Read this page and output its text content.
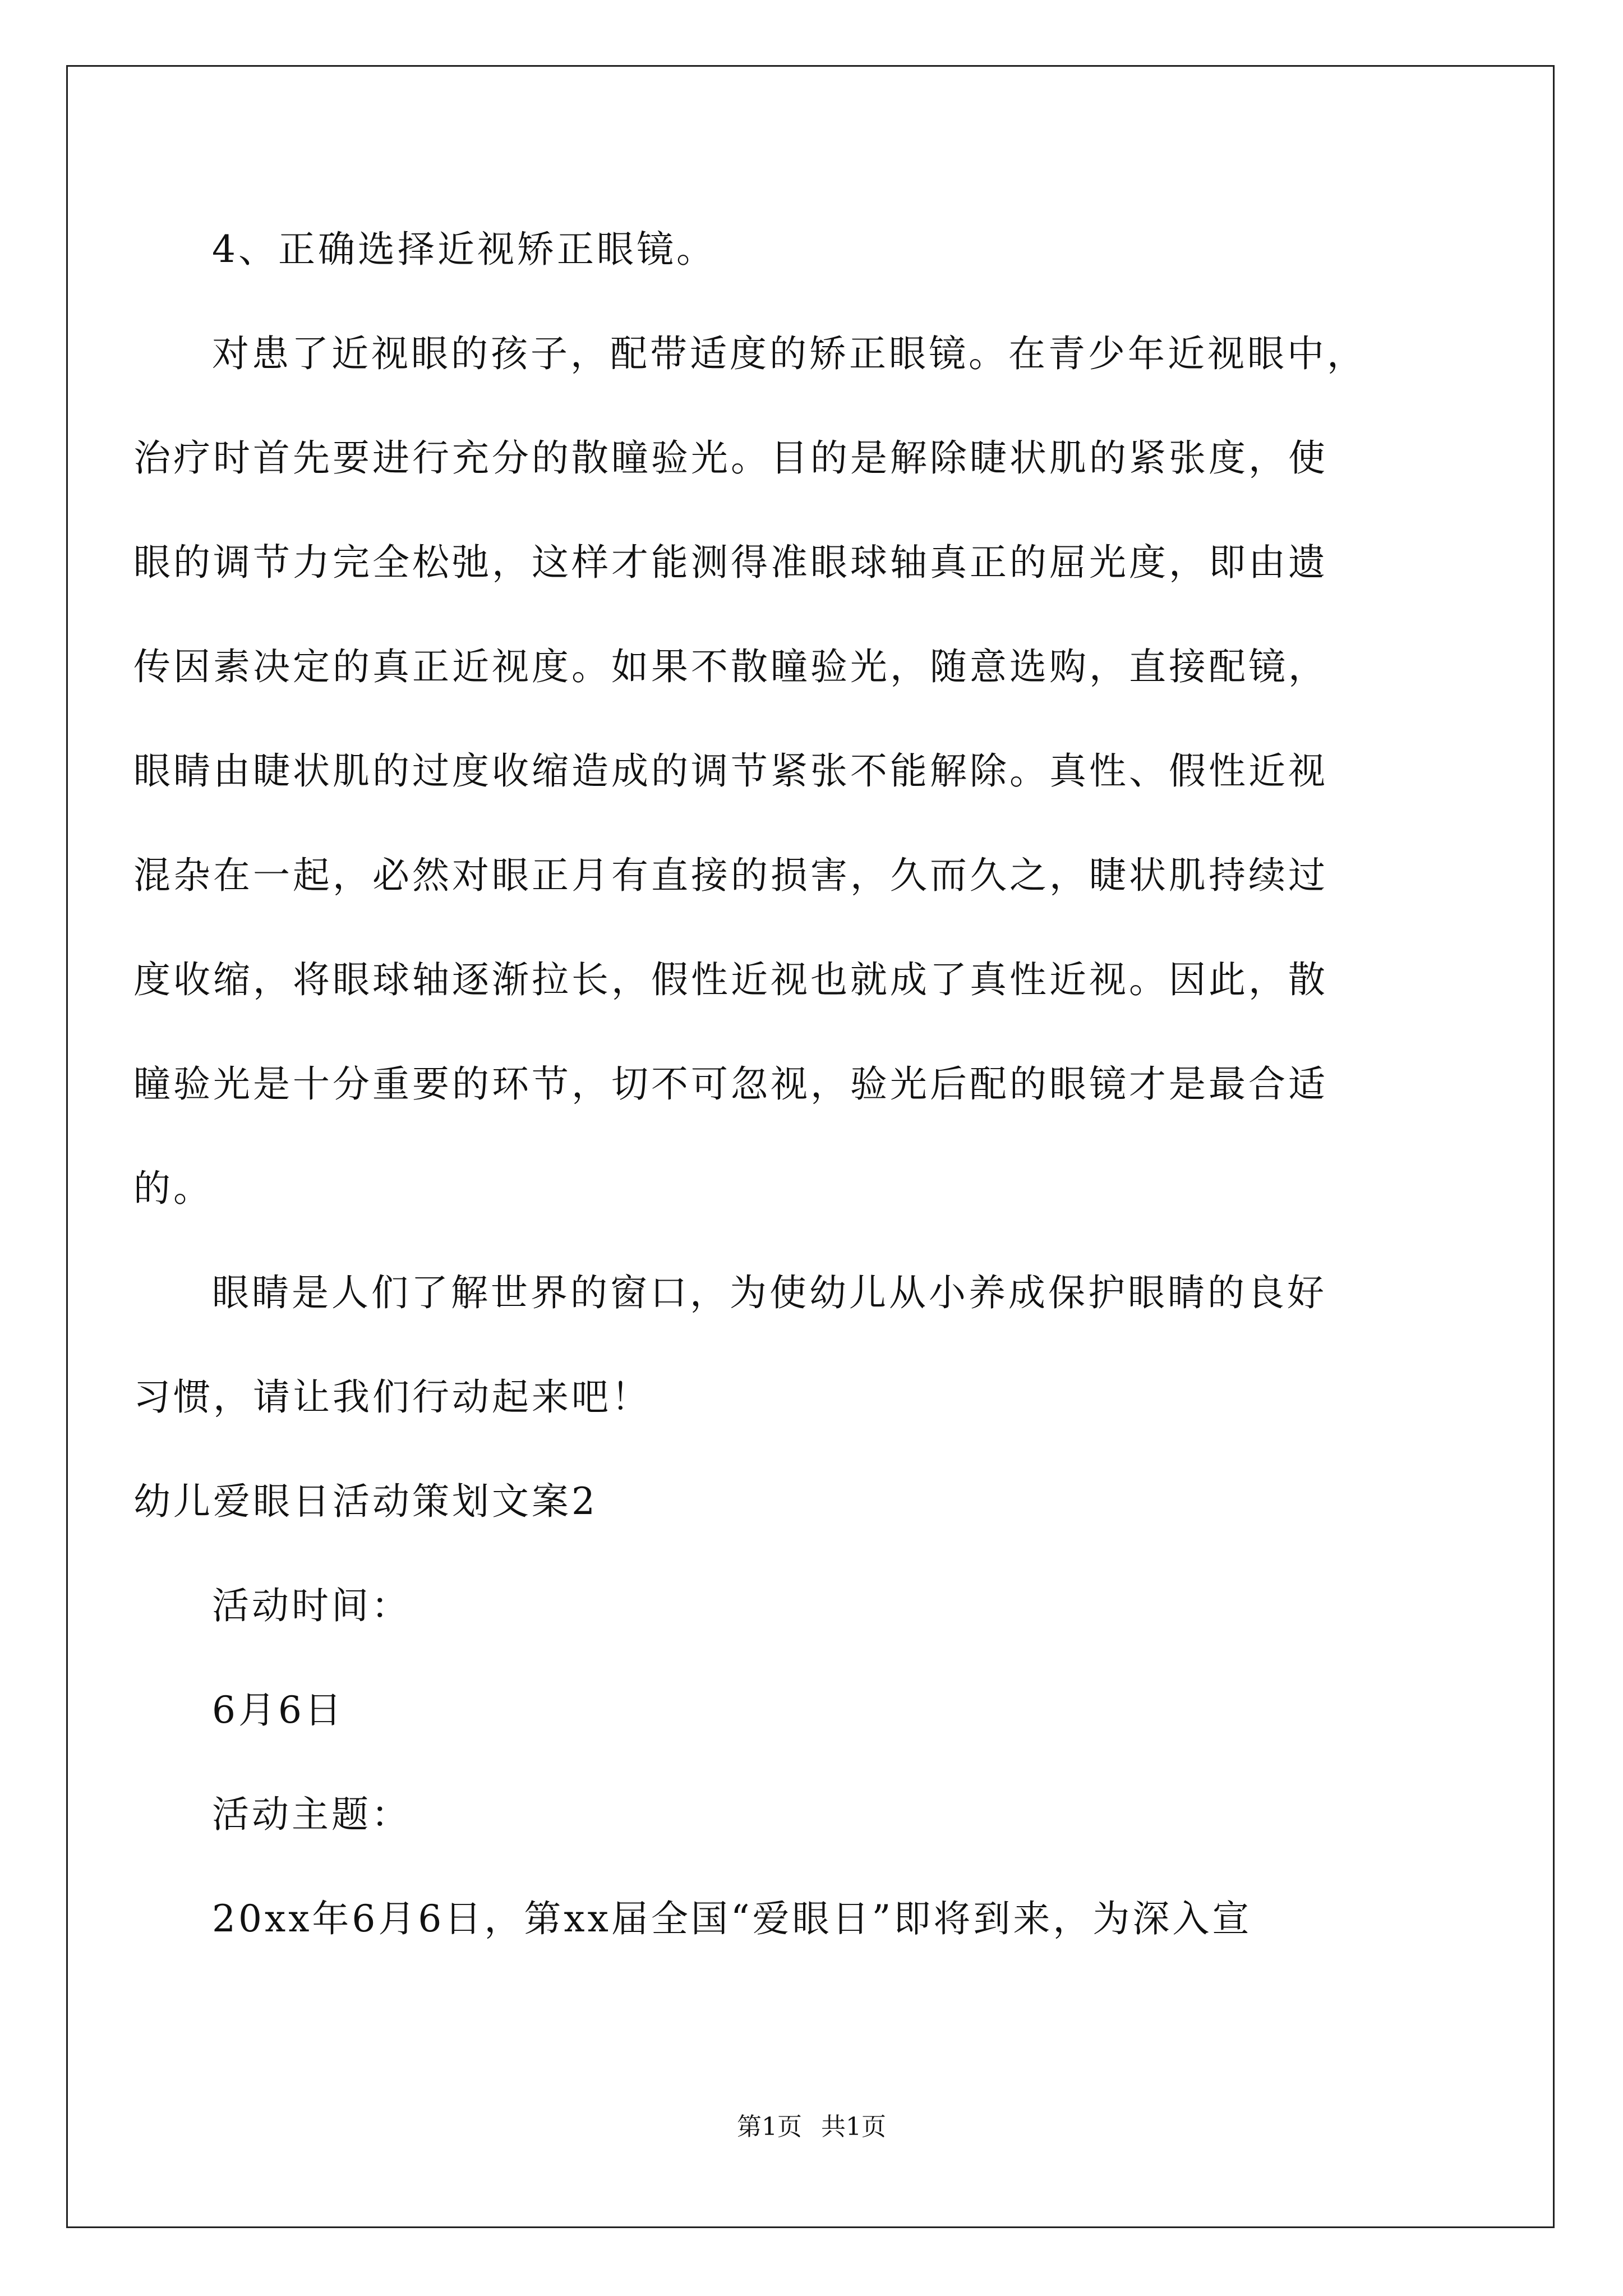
4、正确选择近视矫正眼镜。
对患了近视眼的孩子，配带适度的矫正眼镜。在青少年近视眼中，
治疗时首先要进行充分的散瞳验光。目的是解除睫状肌的紧张度，使
眼的调节力完全松弛，这样才能测得准眼球轴真正的屈光度，即由遗
传因素决定的真正近视度。如果不散瞳验光，随意选购，直接配镜，
眼睛由睫状肌的过度收缩造成的调节紧张不能解除。真性、假性近视
混杂在一起，必然对眼正月有直接的损害，久而久之，睫状肌持续过
度收缩，将眼球轴逐渐拉长，假性近视也就成了真性近视。因此，散
瞳验光是十分重要的环节，切不可忽视，验光后配的眼镜才是最合适
的。
眼睛是人们了解世界的窗口，为使幼儿从小养成保护眼睛的良好
习惯，请让我们行动起来吧！
幼儿爱眼日活动策划文案2
活动时间：
6月6日
活动主题：
20xx年6月6日，第xx届全国“爱眼日”即将到来，为深入宣
第1页 共1页
